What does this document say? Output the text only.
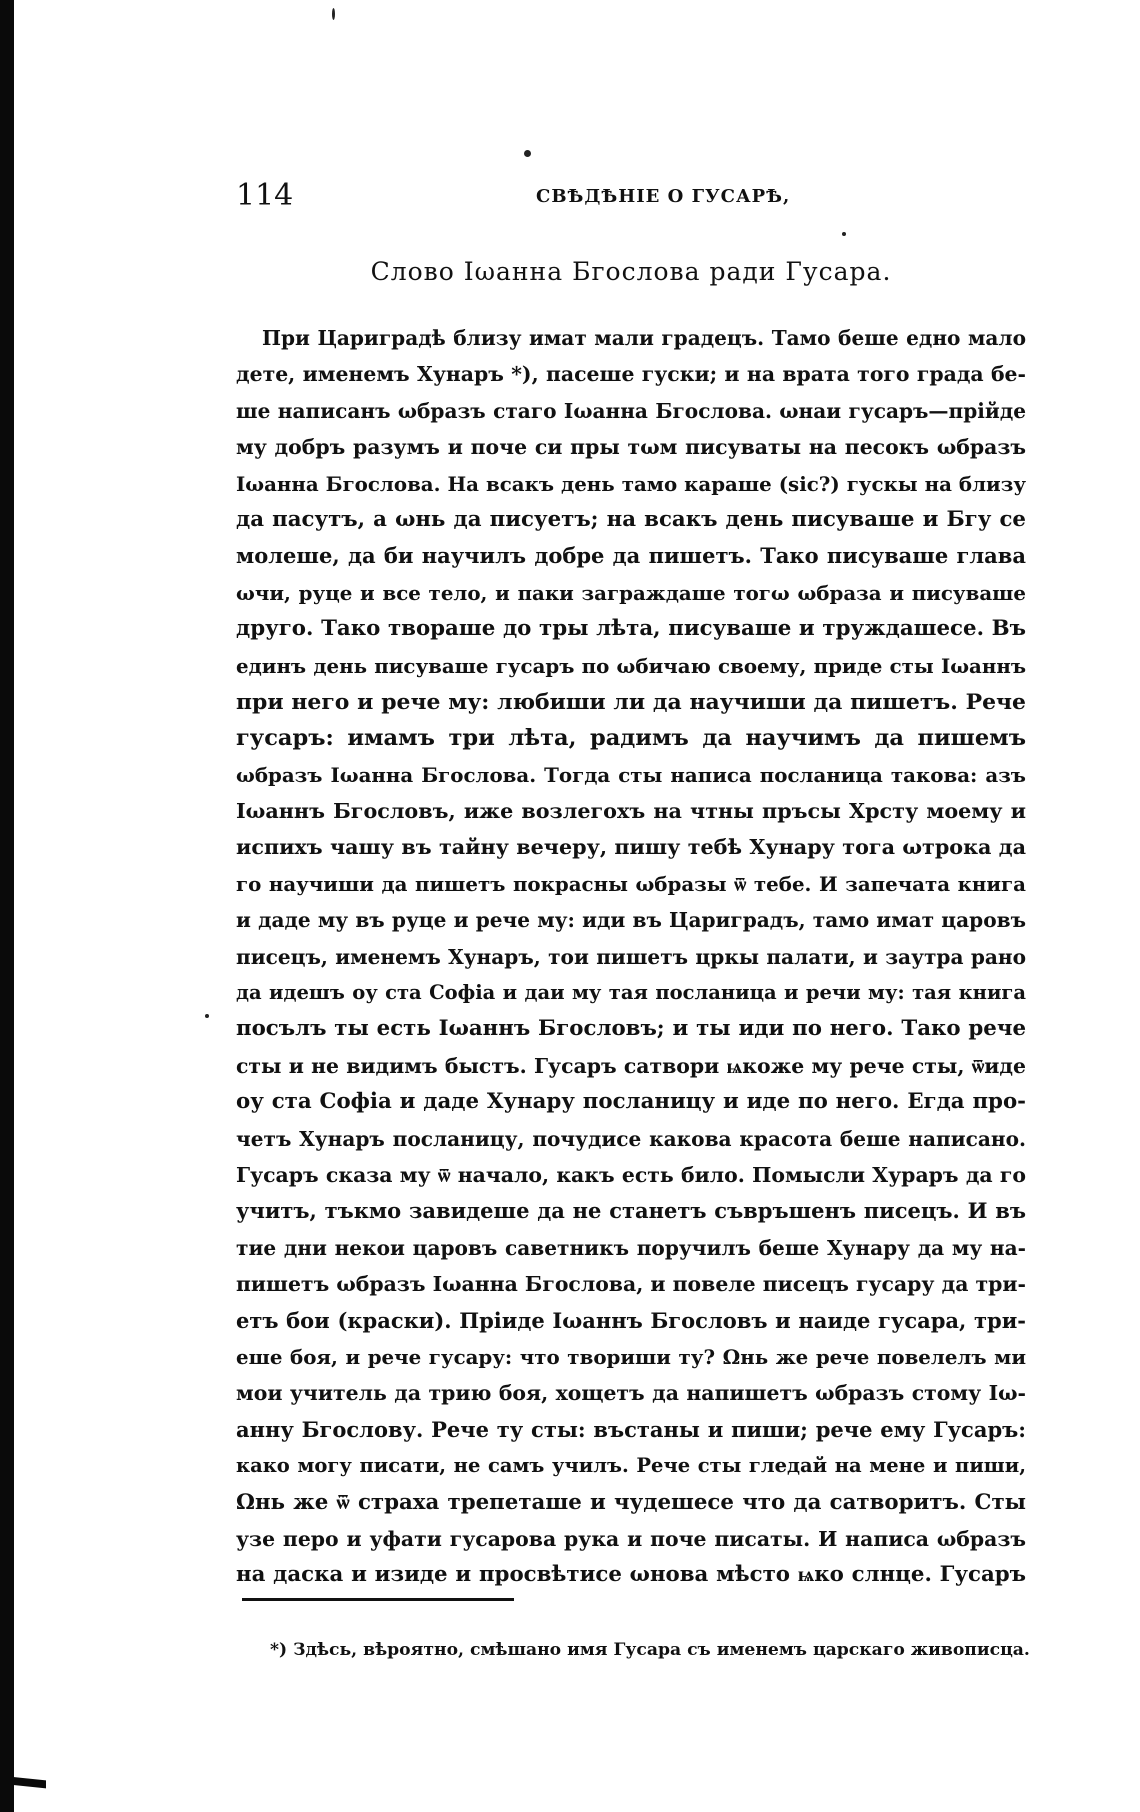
114	СВѢДѢНІЕ О ГУСАРѢ,
Слово Іωанна Бгослова ради Гусара.
При Цариградѣ близу имат мали градецъ. Тамо беше едно мало
дете, именемъ Хунаръ *), пасеше гуски; и на врата того града бе-
ше написанъ ωбразъ стаго Іωанна Бгослова. ωнаи гусаръ—прійде
му добръ разумъ и поче си пры тωм писуваты на песокъ ωбразъ
Іωанна Бгослова. На всакъ день тамо караше (sic?) гускы на близу
да пасутъ, а ωнь да писуетъ; на всакъ день писуваше и Бгу се
молеше, да би научилъ добре да пишетъ. Тако писуваше глава
ωчи, руце и все тело, и паки заграждаше тогω ωбраза и писуваше
друго. Тако твораше до тры лѣта, писуваше и труждашесе. Въ
единъ день писуваше гусаръ по ωбичаю своему, приде сты Іωаннъ
при него и рече му: любиши ли да научиши да пишетъ. Рече
гусаръ: имамъ три лѣта, радимъ да научимъ да пишемъ
ωбразъ Іωанна Бгослова. Тогда сты написа посланица такова: азъ
Іωаннъ Бгословъ, иже возлегохъ на чтны пръсы Хрсту моему и
испихъ чашу въ тайну вечеру, пишу тебѣ Хунару тога ωтрока да
го научиши да пишетъ покрасны ωбразы ѿ тебе. И запечата книга
и даде му въ руце и рече му: иди въ Цариградъ, тамо имат царовъ
писецъ, именемъ Хунаръ, тои пишетъ цркы палати, и заутра рано
да идешъ оу ста Софіа и даи му тая посланица и речи му: тая книга
посълъ ты есть Іωаннъ Бгословъ; и ты иди по него. Тако рече
сты и не видимъ быстъ. Гусаръ сатвори ѩкоже му рече сты, ѿиде
оу ста Софіа и даде Хунару посланицу и иде по него. Егда про-
четъ Хунаръ посланицу, почудисе какова красота беше написано.
Гусаръ сказа му ѿ начало, какъ есть било. Помысли Хурaръ да го
учитъ, тъкмо завидеше да не станетъ съвръшенъ писецъ. И въ
тие дни некои царовъ саветникъ поручилъ беше Хунару да му на-
пишетъ ωбразъ Іωанна Бгослова, и повеле писецъ гусару да три-
етъ бои (краски). Пріиде Іωаннъ Бгословъ и наиде гусара, три-
еше боя, и рече гусару: что твориши ту? Ωнь же рече повелелъ ми
мои учитель да трию боя, хощетъ да напишетъ ωбразъ стому Іω-
анну Бгослову. Рече ту сты: въстаны и пиши; рече ему Гусаръ:
како могу писати, не самъ училъ. Рече сты гледай на мене и пиши,
Ωнь же ѿ страха трепеташе и чудешесе что да сатворитъ. Сты
узе перо и уфати гусарова рука и поче писаты. И написа ωбразъ
на даска и изиде и просвѣтисе ωнова мѣсто ѩко слнце. Гусаръ
*) Здѣсь, вѣроятно, смѣшано имя Гусара съ именемъ царскаго живописца.
